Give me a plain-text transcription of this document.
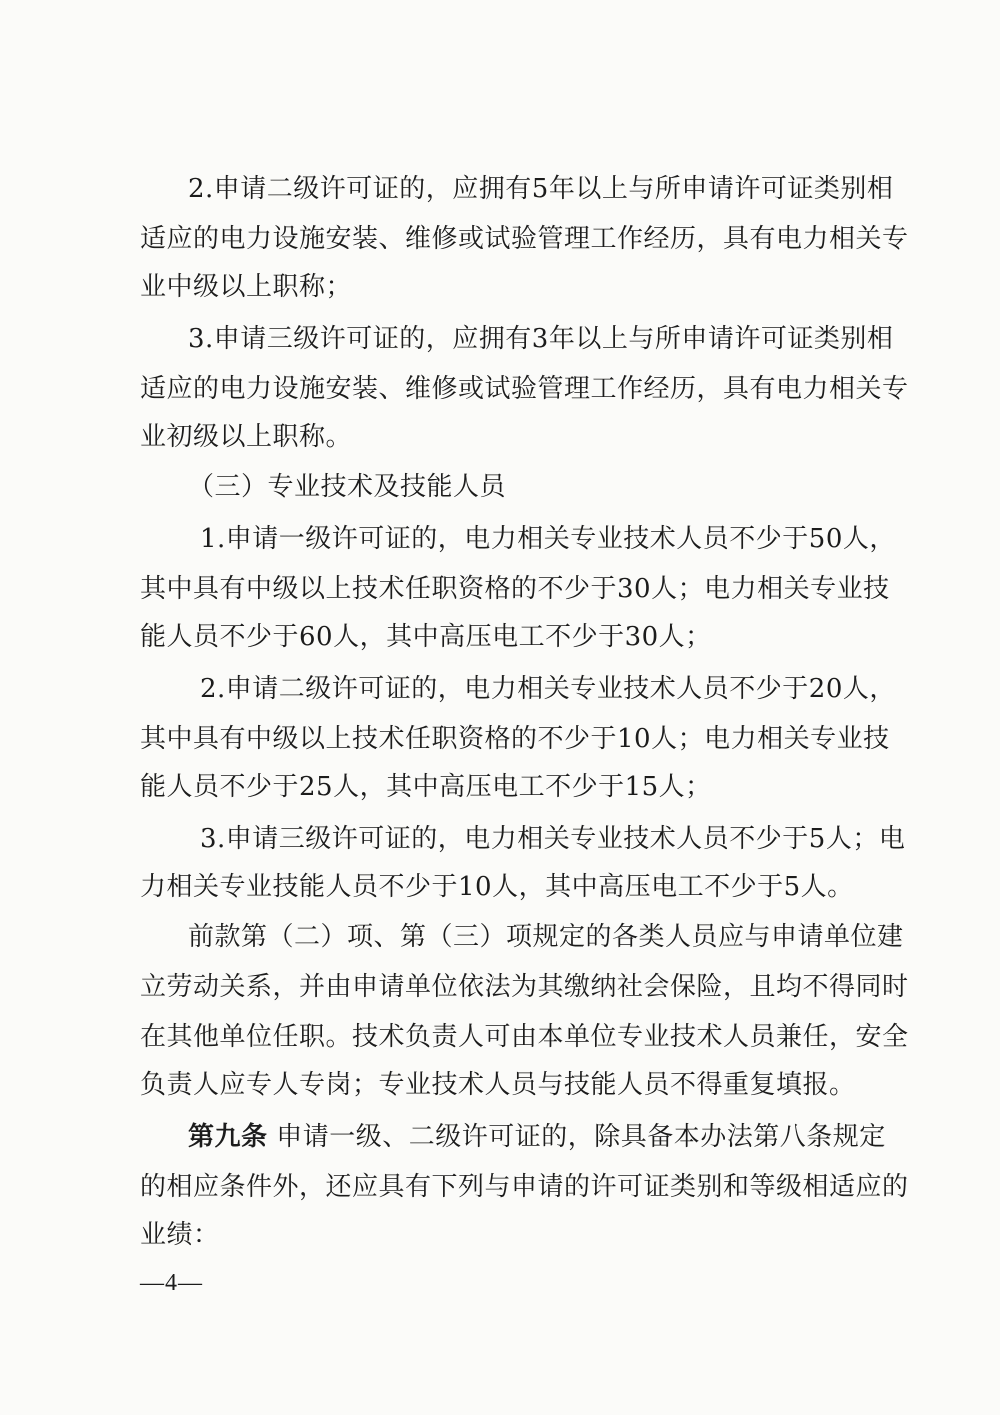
2.申请二级许可证的，应拥有5年以上与所申请许可证类别相

适应的电力设施安装、维修或试验管理工作经历，具有电力相关专

业中级以上职称；

3.申请三级许可证的，应拥有3年以上与所申请许可证类别相

适应的电力设施安装、维修或试验管理工作经历，具有电力相关专

业初级以上职称。

（三）专业技术及技能人员

1.申请一级许可证的，电力相关专业技术人员不少于50人，

其中具有中级以上技术任职资格的不少于30人；电力相关专业技

能人员不少于60人，其中高压电工不少于30人；

2.申请二级许可证的，电力相关专业技术人员不少于20人，

其中具有中级以上技术任职资格的不少于10人；电力相关专业技

能人员不少于25人，其中高压电工不少于15人；

3.申请三级许可证的，电力相关专业技术人员不少于5人；电

力相关专业技能人员不少于10人，其中高压电工不少于5人。

前款第（二）项、第（三）项规定的各类人员应与申请单位建

立劳动关系，并由申请单位依法为其缴纳社会保险，且均不得同时

在其他单位任职。技术负责人可由本单位专业技术人员兼任，安全

负责人应专人专岗；专业技术人员与技能人员不得重复填报。

第九条 申请一级、二级许可证的，除具备本办法第八条规定

的相应条件外，还应具有下列与申请的许可证类别和等级相适应的

业绩：

—4—
